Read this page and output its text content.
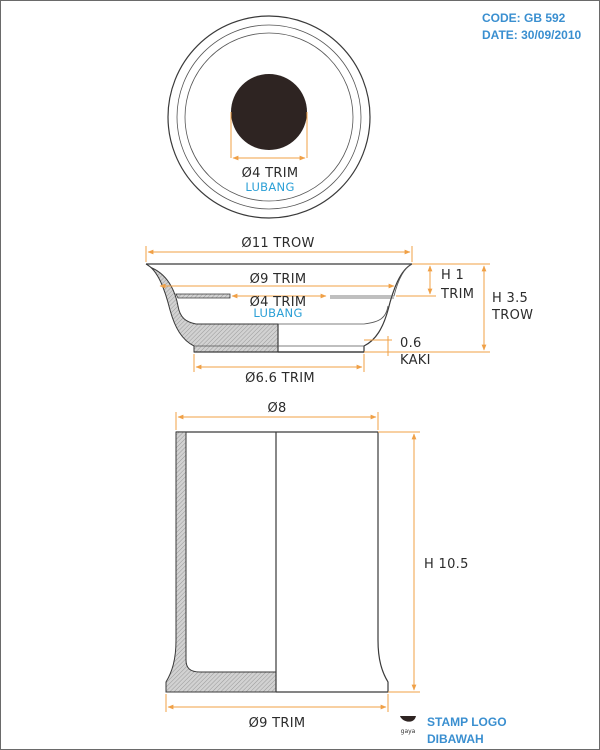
CODE: GB 592
DATE: 30/09/2010
Ø4 TRIM
LUBANG
Ø11 TROW
Ø9 TRIM
Ø4 TRIM
LUBANG
H 1
TRIM H 3.5
TROW
0.6
KAKI
Ø6.6 TRIM
Ø8
H 10.5
Ø9 TRIM
gaya
STAMP LOGO
DIBAWAH
